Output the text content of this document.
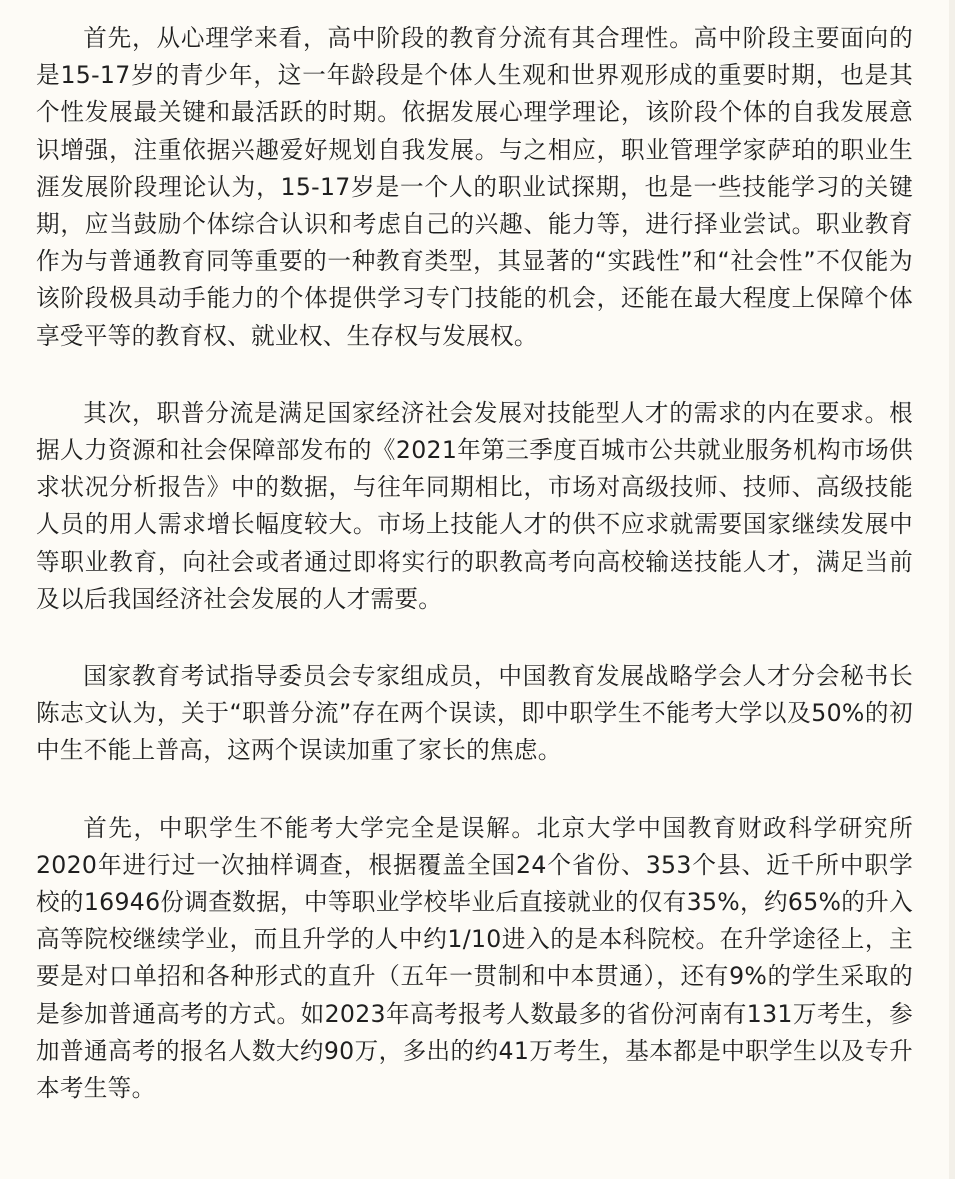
首先，从心理学来看，高中阶段的教育分流有其合理性。高中阶段主要面向的是15-17岁的青少年，这一年龄段是个体人生观和世界观形成的重要时期，也是其个性发展最关键和最活跃的时期。依据发展心理学理论，该阶段个体的自我发展意识增强，注重依据兴趣爱好规划自我发展。与之相应，职业管理学家萨珀的职业生涯发展阶段理论认为，15-17岁是一个人的职业试探期，也是一些技能学习的关键期，应当鼓励个体综合认识和考虑自己的兴趣、能力等，进行择业尝试。职业教育作为与普通教育同等重要的一种教育类型，其显著的“实践性”和“社会性”不仅能为该阶段极具动手能力的个体提供学习专门技能的机会，还能在最大程度上保障个体享受平等的教育权、就业权、生存权与发展权。

其次，职普分流是满足国家经济社会发展对技能型人才的需求的内在要求。根据人力资源和社会保障部发布的《2021年第三季度百城市公共就业服务机构市场供求状况分析报告》中的数据，与往年同期相比，市场对高级技师、技师、高级技能人员的用人需求增长幅度较大。市场上技能人才的供不应求就需要国家继续发展中等职业教育，向社会或者通过即将实行的职教高考向高校输送技能人才，满足当前及以后我国经济社会发展的人才需要。

国家教育考试指导委员会专家组成员，中国教育发展战略学会人才分会秘书长陈志文认为，关于“职普分流”存在两个误读，即中职学生不能考大学以及50%的初中生不能上普高，这两个误读加重了家长的焦虑。

首先，中职学生不能考大学完全是误解。北京大学中国教育财政科学研究所2020年进行过一次抽样调查，根据覆盖全国24个省份、353个县、近千所中职学校的16946份调查数据，中等职业学校毕业后直接就业的仅有35%，约65%的升入高等院校继续学业，而且升学的人中约1/10进入的是本科院校。在升学途径上，主要是对口单招和各种形式的直升（五年一贯制和中本贯通），还有9%的学生采取的是参加普通高考的方式。如2023年高考报考人数最多的省份河南有131万考生，参加普通高考的报名人数大约90万，多出的约41万考生，基本都是中职学生以及专升本考生等。
